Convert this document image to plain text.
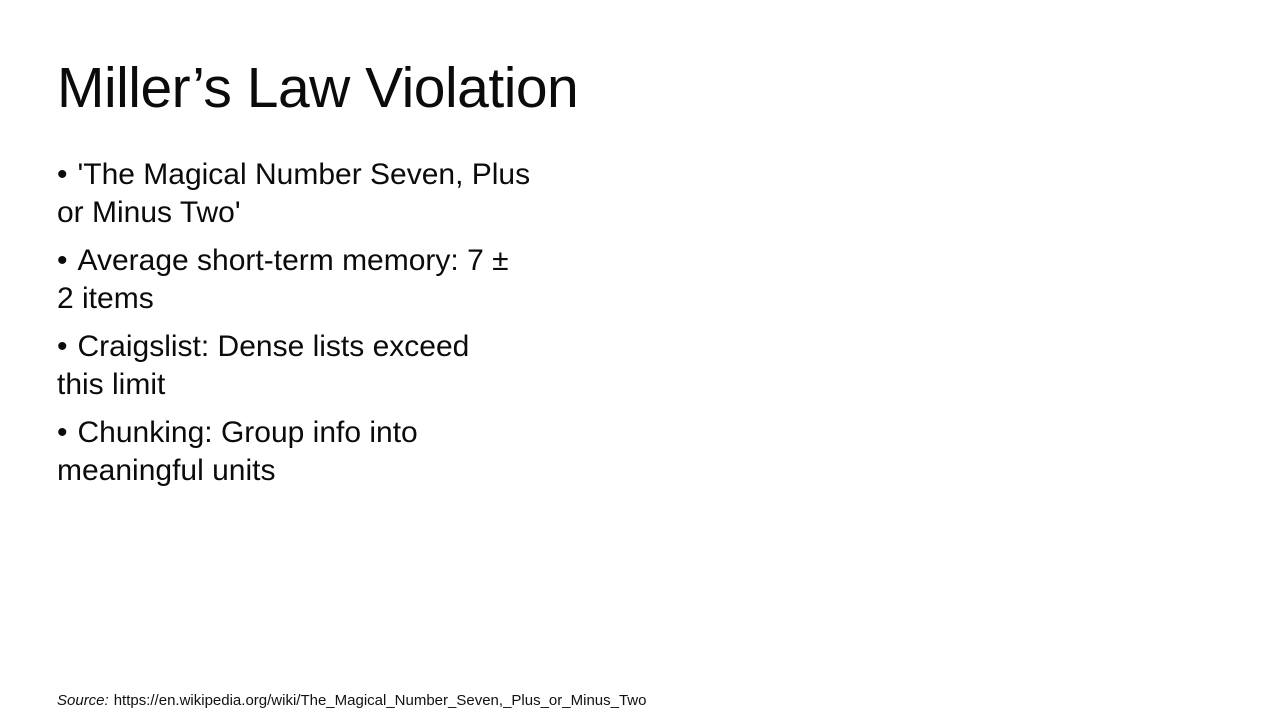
Miller’s Law Violation

• 'The Magical Number Seven, Plus
or Minus Two'

• Average short-term memory: 7 ±
2 items

• Craigslist: Dense lists exceed
this limit

• Chunking: Group info into
meaningful units

Source: https://en.wikipedia.org/wiki/The_Magical_Number_Seven,_Plus_or_Minus_Two
